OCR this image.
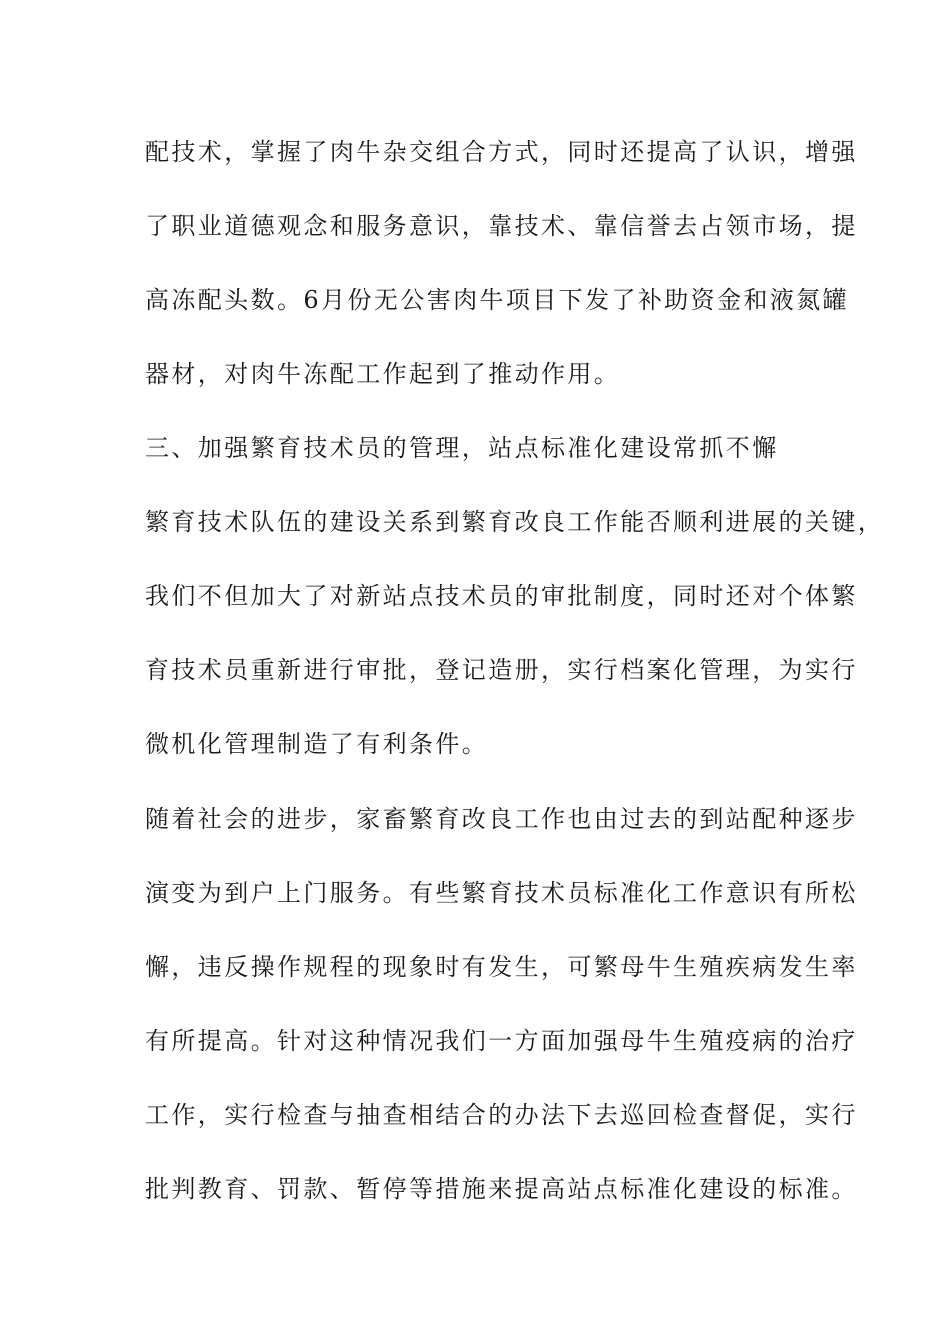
配技术，掌握了肉牛杂交组合方式，同时还提高了认识，增强
了职业道德观念和服务意识，靠技术、靠信誉去占领市场，提
高冻配头数。6月份无公害肉牛项目下发了补助资金和液氮罐
器材，对肉牛冻配工作起到了推动作用。
三、加强繁育技术员的管理，站点标准化建设常抓不懈
繁育技术队伍的建设关系到繁育改良工作能否顺利进展的关键，
我们不但加大了对新站点技术员的审批制度，同时还对个体繁
育技术员重新进行审批，登记造册，实行档案化管理，为实行
微机化管理制造了有利条件。
随着社会的进步，家畜繁育改良工作也由过去的到站配种逐步
演变为到户上门服务。有些繁育技术员标准化工作意识有所松
懈，违反操作规程的现象时有发生，可繁母牛生殖疾病发生率
有所提高。针对这种情况我们一方面加强母牛生殖疫病的治疗
工作，实行检查与抽查相结合的办法下去巡回检查督促，实行
批判教育、罚款、暂停等措施来提高站点标准化建设的标准。
